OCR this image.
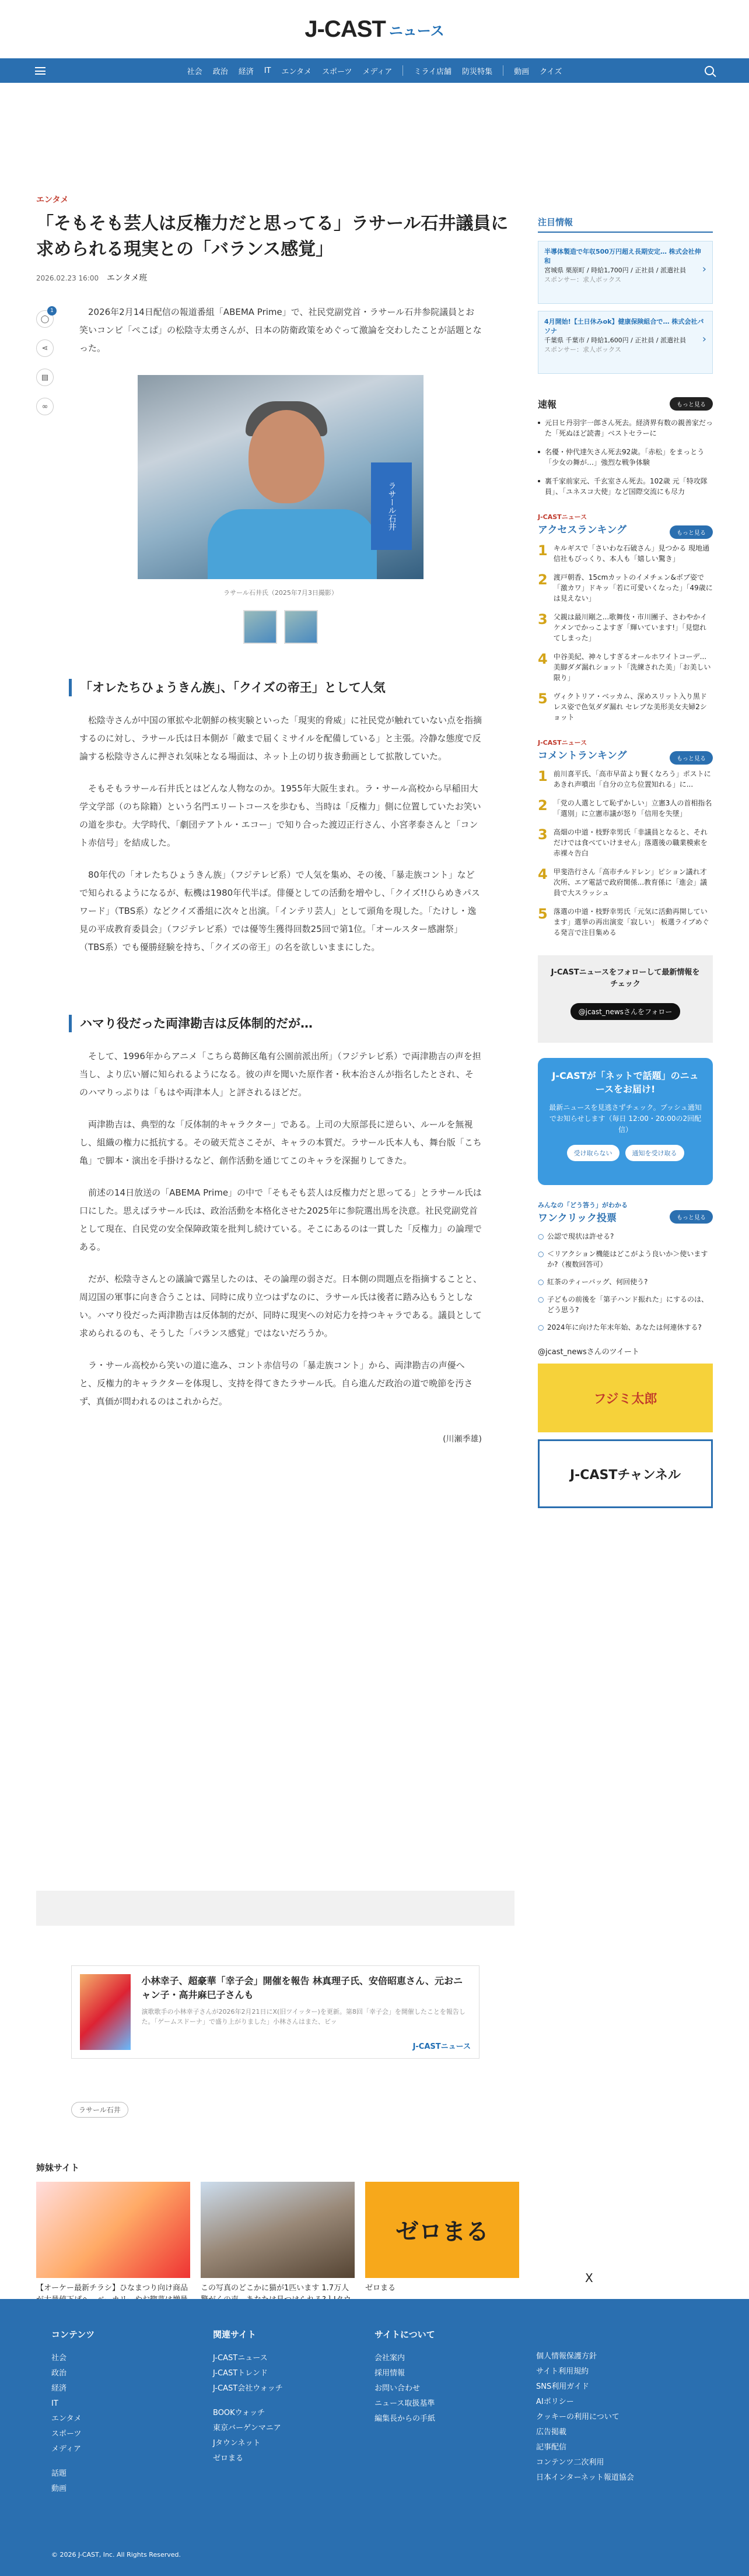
J-CAST ニュース
社会 政治 経済 IT エンタメ スポーツ メディア	ミライ店舗 防災特集	動画 クイズ
エンタメ
「そもそも芸人は反権力だと思ってる」ラサール石井議員に求められる現実との「バランス感覚」
2026.02.23 16:00 エンタメ班
◯
1
⋖
▤
∞

2026年2月14日配信の報道番組「ABEMA Prime」で、社民党副党首・ラサール石井参院議員とお笑いコンビ「ぺこぱ」の松陰寺太勇さんが、日本の防衛政策をめぐって激論を交わしたことが話題となった。

ラサール石井
ラサール石井氏（2025年7月3日撮影）
「オレたちひょうきん族」、「クイズの帝王」として人気

松陰寺さんが中国の軍拡や北朝鮮の核実験といった「現実的脅威」に社民党が触れていない点を指摘するのに対し、ラサール氏は日本側が「敵まで届くミサイルを配備している」と主張。冷静な態度で反論する松陰寺さんに押され気味となる場面は、ネット上の切り抜き動画として拡散していた。

そもそもラサール石井氏とはどんな人物なのか。1955年大阪生まれ。ラ・サール高校から早稲田大学文学部（のち除籍）という名門エリートコースを歩むも、当時は「反権力」側に位置していたお笑いの道を歩む。大学時代、「劇団テアトル・エコー」で知り合った渡辺正行さん、小宮孝泰さんと「コント赤信号」を結成した。

80年代の「オレたちひょうきん族」（フジテレビ系）で人気を集め、その後、「暴走族コント」などで知られるようになるが、転機は1980年代半ば。俳優としての活動を増やし、「クイズ!!ひらめきパスワード」（TBS系）などクイズ番組に次々と出演。「インテリ芸人」として頭角を現した。「たけし・逸見の平成教育委員会」（フジテレビ系）では優等生獲得回数25回で第1位。「オールスター感謝祭」（TBS系）でも優勝経験を持ち、「クイズの帝王」の名を欲しいままにした。

ハマり役だった両津勘吉は反体制的だが…

そして、1996年からアニメ「こちら葛飾区亀有公園前派出所」（フジテレビ系）で両津勘吉の声を担当し、より広い層に知られるようになる。彼の声を聞いた原作者・秋本治さんが指名したとされ、そのハマりっぷりは「もはや両津本人」と評されるほどだ。

両津勘吉は、典型的な「反体制的キャラクター」である。上司の大原部長に逆らい、ルールを無視し、組織の権力に抵抗する。その破天荒さこそが、キャラの本質だ。ラサール氏本人も、舞台版「こち亀」で脚本・演出を手掛けるなど、創作活動を通じてこのキャラを深掘りしてきた。

前述の14日放送の「ABEMA Prime」の中で「そもそも芸人は反権力だと思ってる」とラサール氏は口にした。思えばラサール氏は、政治活動を本格化させた2025年に参院選出馬を決意。社民党副党首として現在、自民党の安全保障政策を批判し続けている。そこにあるのは一貫した「反権力」の論理である。

だが、松陰寺さんとの議論で露呈したのは、その論理の弱さだ。日本側の問題点を指摘することと、周辺国の軍事に向き合うことは、同時に成り立つはずなのに、ラサール氏は後者に踏み込もうとしない。ハマり役だった両津勘吉は反体制的だが、同時に現実への対応力を持つキャラである。議員として求められるのも、そうした「バランス感覚」ではないだろうか。

ラ・サール高校から笑いの道に進み、コント赤信号の「暴走族コント」から、両津勘吉の声優へと、反権力的キャラクターを体現し、支持を得てきたラサール氏。自ら進んだ政治の道で晩節を汚さず、真価が問われるのはこれからだ。

(川瀬季雄)
注目情報
半導体製造で年収500万円超え長期安定… 株式会社伸和
宮城県 栗原町 / 時給1,700円 / 正社員 / 派遣社員
スポンサー：求人ボックス
›
4月開始!【土日休みok】健康保険組合で… 株式会社パソナ
千葉県 千葉市 / 時給1,600円 / 正社員 / 派遣社員
スポンサー：求人ボックス
›
速報	もっと見る
元日ヒ丹羽宇一郎さん死去。経済界有数の親善家だった「死ぬほど読書」ベストセラーに
名優・仲代達矢さん死去92歳。「赤松」をまっとう「少女の舞が…」強烈な戦争体験
裏千家前家元、千玄室さん死去。102歳 元「特攻隊員」、「ユネスコ大使」など国際交流にも尽力
J-CASTニュース
アクセスランキング	もっと見る
1 キルギスで「さいわな石破さん」見つかる 現地通信社もびっくり、本人も「嬉しい驚き」
2 渡戸朝香、15cmカットのイメチェン&ボブ姿で「激カワ」ドキッ「若に可愛いくなった」「49歳には見えない」
3 父親は最川剛之...歌舞伎・市川團子、さわやかイケメンでかっこよすぎ「輝いています!」「見惚れてしまった」
4 中谷美紀、神々しすぎるオールホワイトコーデ...美脚ダダ漏れショット「洗練された美」「お美しい限り」
5 ヴィクトリア・ベッカム、深めスリット入り黒ドレス姿で色気ダダ漏れ セレブな美形美女夫婦2ショット
J-CASTニュース
コメントランキング	もっと見る
1 前川喜平氏、「高市早苗より賢くなろう」ポストにあきれ声噴出「自分の立ち位置知れる」に...
2 「党の人選として恥ずかしい」立憲3人の首相指名「選別」に立憲市議が怒り「信用を失墜」
3 高畑の中道・枝野幸男氏「非議員となると、それだけでは食べていけません」落選後の職業模索を赤裸々告白
4 甲斐浩行さん「高市チルドレン」ピション議れ才次所、エア電話で政府関係...教育係に「進会」議員で大スラッシュ
5 落選の中道・枝野幸男氏「元気に活動再開しています」選挙の再出演変「寂しい」 板選ライブめぐる発言で注目集める
J-CASTニュースをフォローして最新情報をチェック
@jcast_newsさんをフォロー
J-CASTが「ネットで話題」のニュースをお届け!
最新ニュースを見逃さずチェック。プッシュ通知でお知らせします（毎日 12:00・20:00の2回配信）
受け取らない	通知を受け取る
みんなの「どう答う」がわかる
ワンクリック投票	もっと見る
○ 公認で現状は許せる?
○ ＜リアクション機能はどこがよう良いか＞使いますか?（複数回答可）
○ 紅茶のティーバッグ、何回使う?
○ 子どもの前後を「第子ハンド振れた」にするのは、どう思う?
○ 2024年に向けた年末年始、あなたは何連休する?
@jcast_newsさんのツイート
フジミ太郎
J-CASTチャンネル
小林幸子、超豪華「幸子会」開催を報告 林真理子氏、安倍昭恵さん、元おニャン子・高井麻巳子さんも
演歌歌手の小林幸子さんが2026年2月21日にX(旧ツイッター)を更新。第8回「幸子会」を開催したことを報告した。「ゲームスドーナ」で盛り上がりました」小林さんはまた、ビッ
J-CASTニュース
ラサール石井
姉妹サイト
【オーケー最新チラシ】ひなまつり向け商品	この写真のどこかに猫が1匹います 1.7万人
ゼロまる
ゼロまる
X
コンテンツ
社会
政治
経済
IT
エンタメ
スポーツ
メディア
話題
動画
関連サイト
J-CASTニュース
J-CASTトレンド
J-CAST会社ウォッチ
BOOKウォッチ
東京バーゲンマニア
Jタウンネット
ゼロまる
サイトについて
会社案内
採用情報
お問い合わせ
ニュース取扱基準
編集長からの手紙
個人情報保護方針
サイト利用規約
SNS利用ガイド
AIポリシー
クッキーの利用について
広告掲載
記事配信
コンテンツ二次利用
日本インターネット報道協会
© 2026 J-CAST, Inc. All Rights Reserved.
